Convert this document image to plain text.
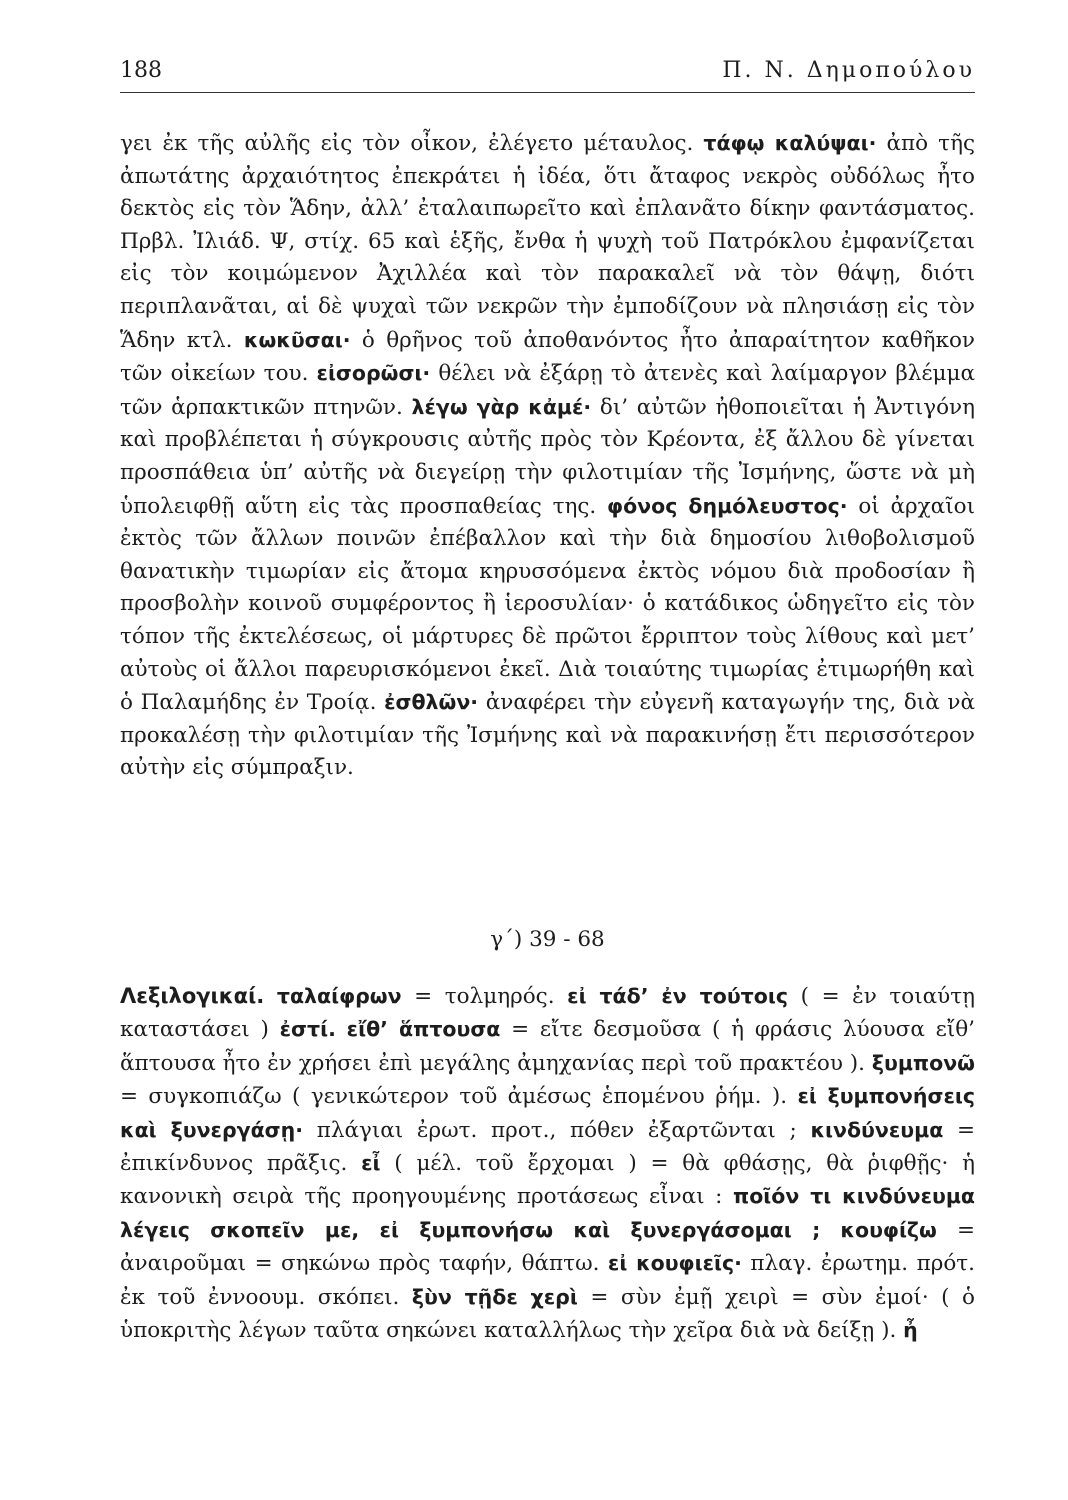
188	Π. Ν. Δημοπούλου

γει ἐκ τῆς αὐλῆς εἰς τὸν οἶκον, ἐλέγετο μέταυλος. τάφῳ καλύψαι· ἀπὸ τῆς ἀπωτάτης ἀρχαιότητος ἐπεκράτει ἡ ἰδέα, ὅτι ἄταφος νεκρὸς οὐδόλως ἦτο δεκτὸς εἰς τὸν Ἅδην, ἀλλ’ ἐταλαιπωρεῖτο καὶ ἐπλανᾶτο δίκην φαντάσματος. Πρβλ. Ἰλιάδ. Ψ, στίχ. 65 καὶ ἑξῆς, ἔνθα ἡ ψυχὴ τοῦ Πατρόκλου ἐμφανίζεται εἰς τὸν κοιμώμενον Ἀχιλλέα καὶ τὸν παρακαλεῖ νὰ τὸν θάψῃ, διότι περιπλανᾶται, αἱ δὲ ψυχαὶ τῶν νεκρῶν τὴν ἐμποδίζουν νὰ πλησιάσῃ εἰς τὸν Ἅδην κτλ. κωκῦσαι· ὁ θρῆνος τοῦ ἀποθανόντος ἦτο ἀπαραίτητον καθῆκον τῶν οἰκείων του. εἰσορῶσι· θέλει νὰ ἐξάρῃ τὸ ἀτενὲς καὶ λαίμαργον βλέμμα τῶν ἁρπακτικῶν πτηνῶν. λέγω γὰρ κἀμέ· δι’ αὐτῶν ἠθοποιεῖται ἡ Ἀντιγόνη καὶ προβλέπεται ἡ σύγκρουσις αὐτῆς πρὸς τὸν Κρέοντα, ἐξ ἄλλου δὲ γίνεται προσπάθεια ὑπ’ αὐτῆς νὰ διεγείρῃ τὴν φιλοτιμίαν τῆς Ἰσμήνης, ὥστε νὰ μὴ ὑπολειφθῇ αὕτη εἰς τὰς προσπαθείας της. φόνος δημόλευστος· οἱ ἀρχαῖοι ἐκτὸς τῶν ἄλλων ποινῶν ἐπέβαλλον καὶ τὴν διὰ δημοσίου λιθοβολισμοῦ θανατικὴν τιμωρίαν εἰς ἄτομα κηρυσσόμενα ἐκτὸς νόμου διὰ προδοσίαν ἢ προσβολὴν κοινοῦ συμφέροντος ἢ ἱεροσυλίαν· ὁ κατάδικος ὡδηγεῖτο εἰς τὸν τόπον τῆς ἐκτελέσεως, οἱ μάρτυρες δὲ πρῶτοι ἔρριπτον τοὺς λίθους καὶ μετ’ αὐτοὺς οἱ ἄλλοι παρευρισκόμενοι ἐκεῖ. Διὰ τοιαύτης τιμωρίας ἐτιμωρήθη καὶ ὁ Παλαμήδης ἐν Τροίᾳ. ἐσθλῶν· ἀναφέρει τὴν εὐγενῆ καταγωγήν της, διὰ νὰ προκαλέσῃ τὴν φιλοτιμίαν τῆς Ἰσμήνης καὶ νὰ παρακινήσῃ ἔτι περισσότερον αὐτὴν εἰς σύμπραξιν.

γ΄) 39 - 68

Λεξιλογικαί. ταλαίφρων = τολμηρός. εἰ τάδ’ ἐν τούτοις ( = ἐν τοιαύτῃ καταστάσει ) ἐστί. εἴθ’ ἅπτουσα = εἴτε δεσμοῦσα ( ἡ φράσις λύουσα εἴθ’ ἅπτουσα ἦτο ἐν χρήσει ἐπὶ μεγάλης ἀμηχανίας περὶ τοῦ πρακτέου ). ξυμπονῶ = συγκοπιάζω ( γενικώτερον τοῦ ἀμέσως ἑπομένου ῥήμ. ). εἰ ξυμπονήσεις καὶ ξυνεργάσῃ· πλάγιαι ἐρωτ. προτ., πόθεν ἐξαρτῶνται ; κινδύνευμα = ἐπικίνδυνος πρᾶξις. εἶ ( μέλ. τοῦ ἔρχομαι ) = θὰ φθάσῃς, θὰ ῥιφθῇς· ἡ κανονικὴ σειρὰ τῆς προηγουμένης προτάσεως εἶναι : ποῖόν τι κινδύνευμα λέγεις σκοπεῖν με, εἰ ξυμπονήσω καὶ ξυνεργάσομαι ; κουφίζω = ἀναιροῦμαι = σηκώνω πρὸς ταφήν, θάπτω. εἰ κουφιεῖς· πλαγ. ἐρωτημ. πρότ. ἐκ τοῦ ἐννοουμ. σκόπει. ξὺν τῇδε χερὶ = σὺν ἐμῇ χειρὶ = σὺν ἐμοί· ( ὁ ὑποκριτὴς λέγων ταῦτα σηκώνει καταλλήλως τὴν χεῖρα διὰ νὰ δείξῃ ). ἦ
